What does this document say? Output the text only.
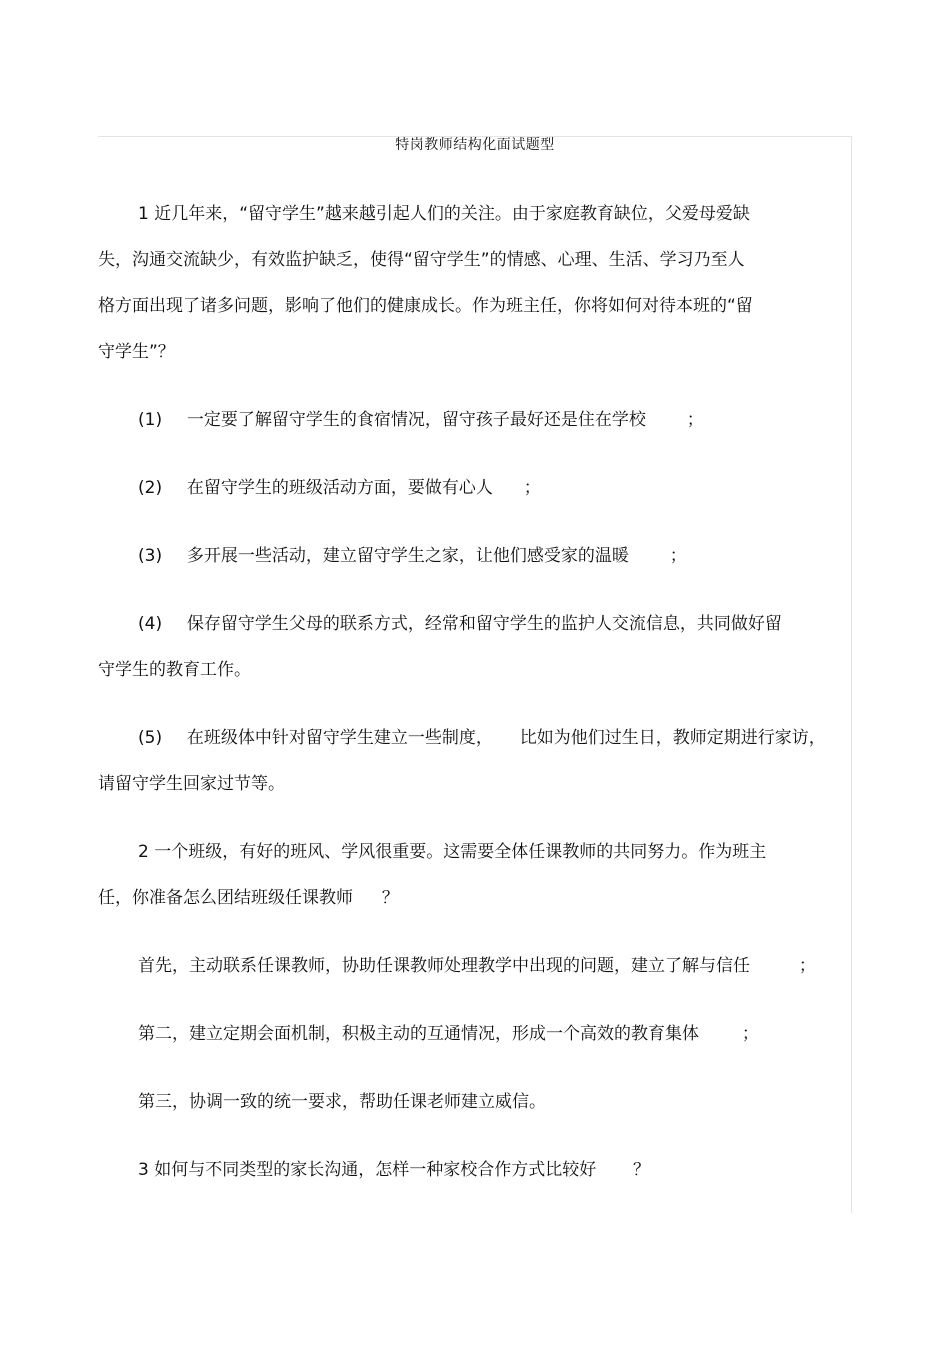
特岗教师结构化面试题型
1 近几年来，“留守学生”越来越引起人们的关注。由于家庭教育缺位，父爱母爱缺
失，沟通交流缺少，有效监护缺乏，使得“留守学生”的情感、心理、生活、学习乃至人
格方面出现了诸多问题，影响了他们的健康成长。作为班主任，你将如何对待本班的“留
守学生”？
(1) 一定要了解留守学生的食宿情况，留守孩子最好还是住在学校 ；
(2) 在留守学生的班级活动方面，要做有心人 ；
(3) 多开展一些活动，建立留守学生之家，让他们感受家的温暖 ；
(4) 保存留守学生父母的联系方式，经常和留守学生的监护人交流信息，共同做好留
守学生的教育工作。
(5) 在班级体中针对留守学生建立一些制度， 比如为他们过生日，教师定期进行家访，
请留守学生回家过节等。
2 一个班级，有好的班风、学风很重要。这需要全体任课教师的共同努力。作为班主
任，你准备怎么团结班级任课教师 ？
首先，主动联系任课教师，协助任课教师处理教学中出现的问题，建立了解与信任	；
第二，建立定期会面机制，积极主动的互通情况，形成一个高效的教育集体	；
第三，协调一致的统一要求，帮助任课老师建立威信。
3 如何与不同类型的家长沟通，怎样一种家校合作方式比较好 ？
